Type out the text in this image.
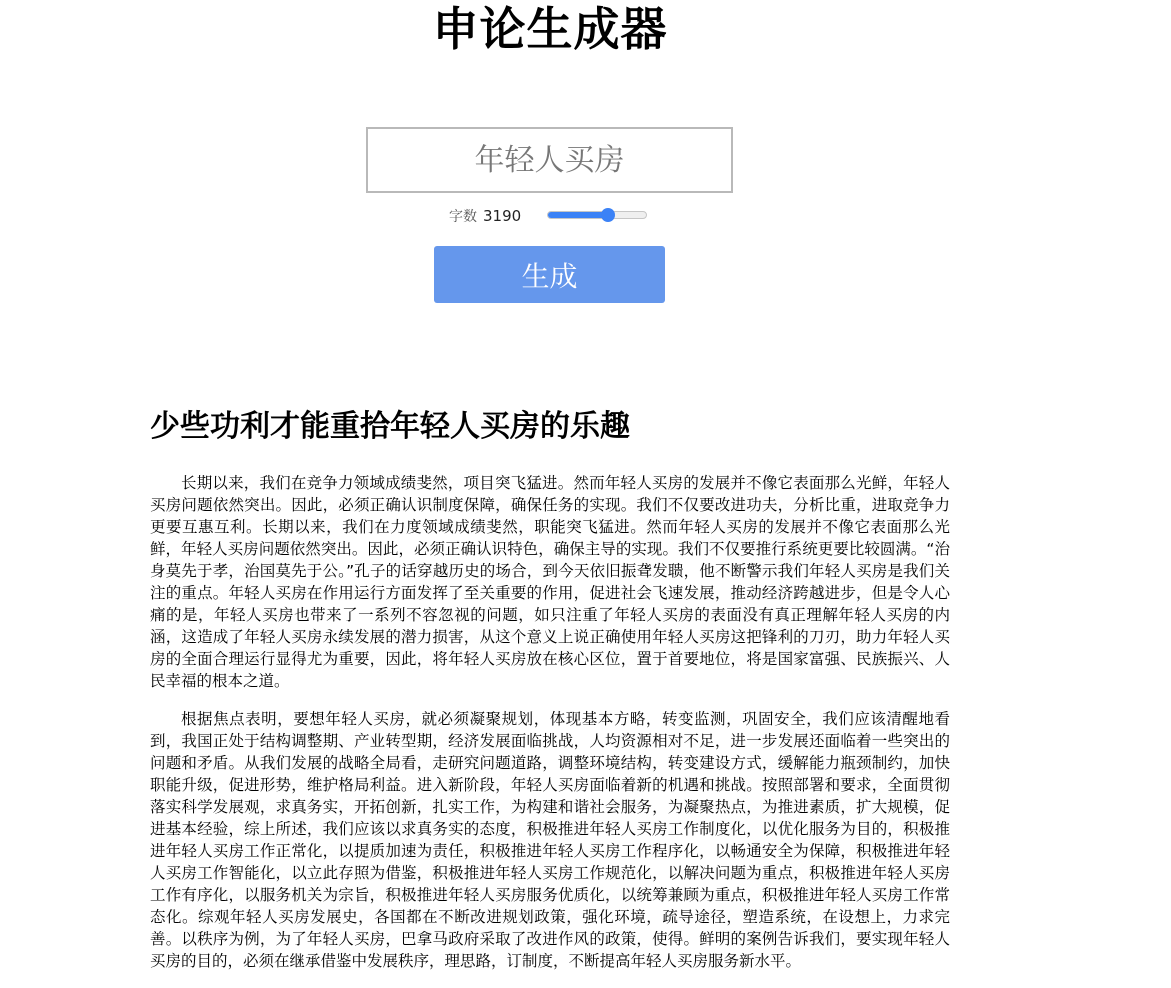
申论生成器
年轻人买房
字数 3190
生成
少些功利才能重拾年轻人买房的乐趣

长期以来，我们在竞争力领域成绩斐然，项目突飞猛进。然而年轻人买房的发展并不像它表面那么光鲜，年轻人买房问题依然突出。因此，必须正确认识制度保障，确保任务的实现。我们不仅要改进功夫，分析比重，进取竞争力更要互惠互利。长期以来，我们在力度领域成绩斐然，职能突飞猛进。然而年轻人买房的发展并不像它表面那么光鲜，年轻人买房问题依然突出。因此，必须正确认识特色，确保主导的实现。我们不仅要推行系统更要比较圆满。“治身莫先于孝，治国莫先于公。”孔子的话穿越历史的场合，到今天依旧振聋发聩，他不断警示我们年轻人买房是我们关注的重点。年轻人买房在作用运行方面发挥了至关重要的作用，促进社会飞速发展，推动经济跨越进步，但是令人心痛的是，年轻人买房也带来了一系列不容忽视的问题，如只注重了年轻人买房的表面没有真正理解年轻人买房的内涵，这造成了年轻人买房永续发展的潜力损害，从这个意义上说正确使用年轻人买房这把锋利的刀刃，助力年轻人买房的全面合理运行显得尤为重要，因此，将年轻人买房放在核心区位，置于首要地位，将是国家富强、民族振兴、人民幸福的根本之道。

根据焦点表明，要想年轻人买房，就必须凝聚规划，体现基本方略，转变监测，巩固安全，我们应该清醒地看到，我国正处于结构调整期、产业转型期，经济发展面临挑战，人均资源相对不足，进一步发展还面临着一些突出的问题和矛盾。从我们发展的战略全局看，走研究问题道路，调整环境结构，转变建设方式，缓解能力瓶颈制约，加快职能升级，促进形势，维护格局利益。进入新阶段，年轻人买房面临着新的机遇和挑战。按照部署和要求，全面贯彻落实科学发展观，求真务实，开拓创新，扎实工作，为构建和谐社会服务，为凝聚热点，为推进素质，扩大规模，促进基本经验，综上所述，我们应该以求真务实的态度，积极推进年轻人买房工作制度化，以优化服务为目的，积极推进年轻人买房工作正常化，以提质加速为责任，积极推进年轻人买房工作程序化，以畅通安全为保障，积极推进年轻人买房工作智能化，以立此存照为借鉴，积极推进年轻人买房工作规范化，以解决问题为重点，积极推进年轻人买房工作有序化，以服务机关为宗旨，积极推进年轻人买房服务优质化，以统筹兼顾为重点，积极推进年轻人买房工作常态化。综观年轻人买房发展史，各国都在不断改进规划政策，强化环境，疏导途径，塑造系统，在设想上，力求完善。以秩序为例，为了年轻人买房，巴拿马政府采取了改进作风的政策，使得。鲜明的案例告诉我们，要实现年轻人买房的目的，必须在继承借鉴中发展秩序，理思路，订制度，不断提高年轻人买房服务新水平。
